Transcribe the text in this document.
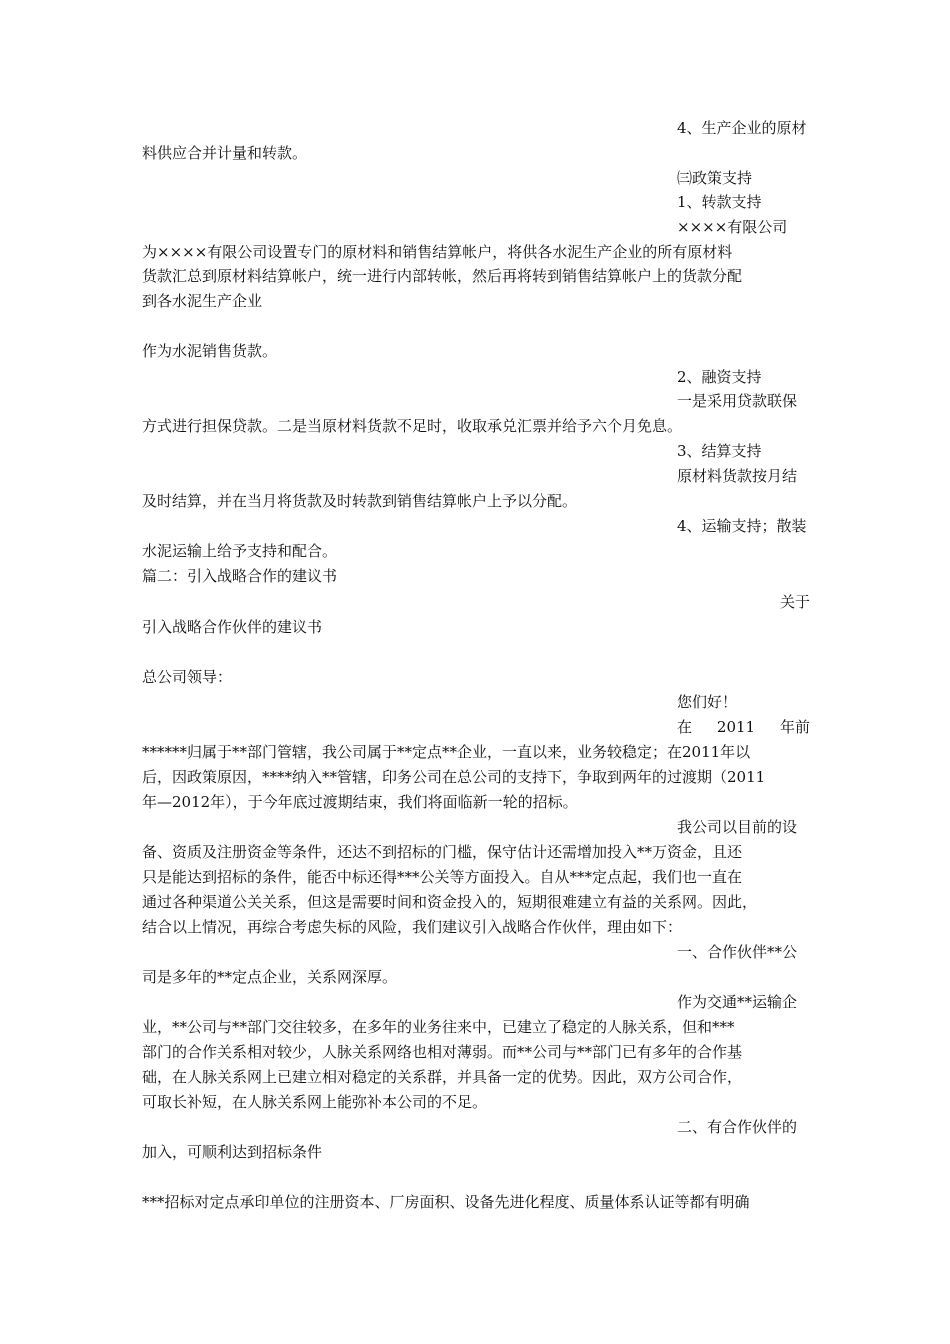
4、生产企业的原材
料供应合并计量和转款。
㈢政策支持
1、转款支持
××××有限公司
为××××有限公司设置专门的原材料和销售结算帐户，将供各水泥生产企业的所有原材料
货款汇总到原材料结算帐户，统一进行内部转帐，然后再将转到销售结算帐户上的货款分配
到各水泥生产企业
作为水泥销售货款。
2、融资支持
一是采用贷款联保
方式进行担保贷款。二是当原材料货款不足时，收取承兑汇票并给予六个月免息。
3、结算支持
原材料货款按月结
及时结算，并在当月将货款及时转款到销售结算帐户上予以分配。
4、运输支持；散装
水泥运输上给予支持和配合。
篇二：引入战略合作的建议书
关于
引入战略合作伙伴的建议书
总公司领导：
您们好！
在 2011 年前
******归属于**部门管辖，我公司属于**定点**企业，一直以来，业务较稳定；在2011年以
后，因政策原因，****纳入**管辖，印务公司在总公司的支持下，争取到两年的过渡期（2011
年—2012年），于今年底过渡期结束，我们将面临新一轮的招标。
我公司以目前的设
备、资质及注册资金等条件，还达不到招标的门槛，保守估计还需增加投入**万资金，且还
只是能达到招标的条件，能否中标还得***公关等方面投入。自从***定点起，我们也一直在
通过各种渠道公关关系，但这是需要时间和资金投入的，短期很难建立有益的关系网。因此，
结合以上情况，再综合考虑失标的风险，我们建议引入战略合作伙伴，理由如下：
一、合作伙伴**公
司是多年的**定点企业，关系网深厚。
作为交通**运输企
业，**公司与**部门交往较多，在多年的业务往来中，已建立了稳定的人脉关系，但和***
部门的合作关系相对较少，人脉关系网络也相对薄弱。而**公司与**部门已有多年的合作基
础，在人脉关系网上已建立相对稳定的关系群，并具备一定的优势。因此，双方公司合作，
可取长补短，在人脉关系网上能弥补本公司的不足。
二、有合作伙伴的
加入，可顺利达到招标条件
***招标对定点承印单位的注册资本、厂房面积、设备先进化程度、质量体系认证等都有明确
